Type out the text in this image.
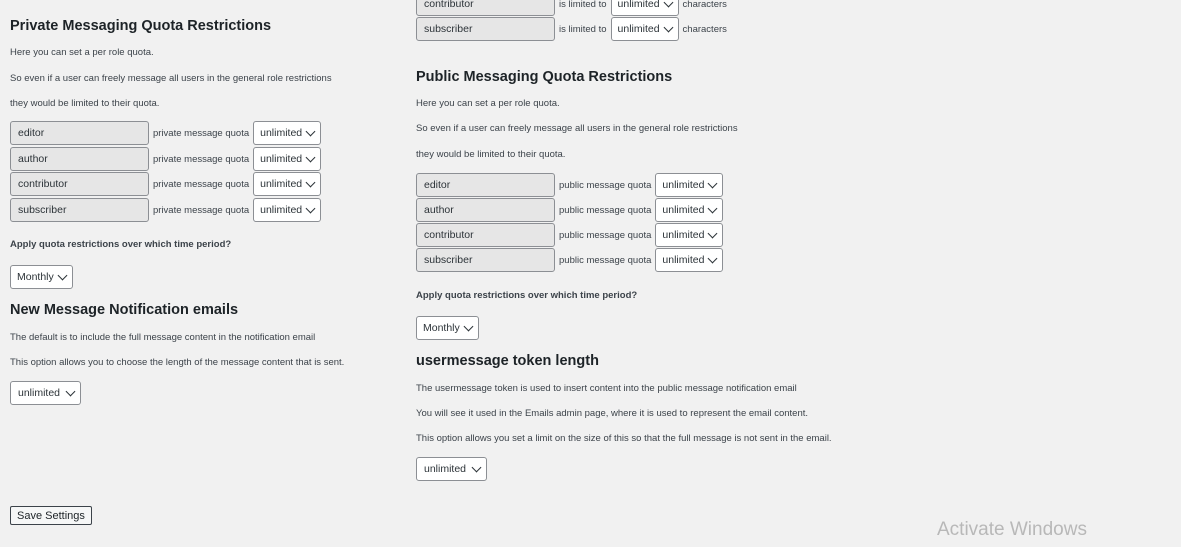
Private Messaging Quota Restrictions

Here you can set a per role quota.

So even if a user can freely message all users in the general role restrictions

they would be limited to their quota.

editor	private message quota unlimited
author	private message quota unlimited
contributor	private message quota unlimited
subscriber	private message quota unlimited

Apply quota restrictions over which time period?

Monthly
New Message Notification emails

The default is to include the full message content in the notification email

This option allows you to choose the length of the message content that is sent.

unlimited
contributor	is limited to unlimited characters
subscriber	is limited to unlimited characters
Public Messaging Quota Restrictions

Here you can set a per role quota.

So even if a user can freely message all users in the general role restrictions

they would be limited to their quota.

editor	public message quota unlimited
author	public message quota unlimited
contributor	public message quota unlimited
subscriber	public message quota unlimited

Apply quota restrictions over which time period?

Monthly
usermessage token length

The usermessage token is used to insert content into the public message notification email

You will see it used in the Emails admin page, where it is used to represent the email content.

This option allows you set a limit on the size of this so that the full message is not sent in the email.

unlimited
Save Settings
Activate Windows
